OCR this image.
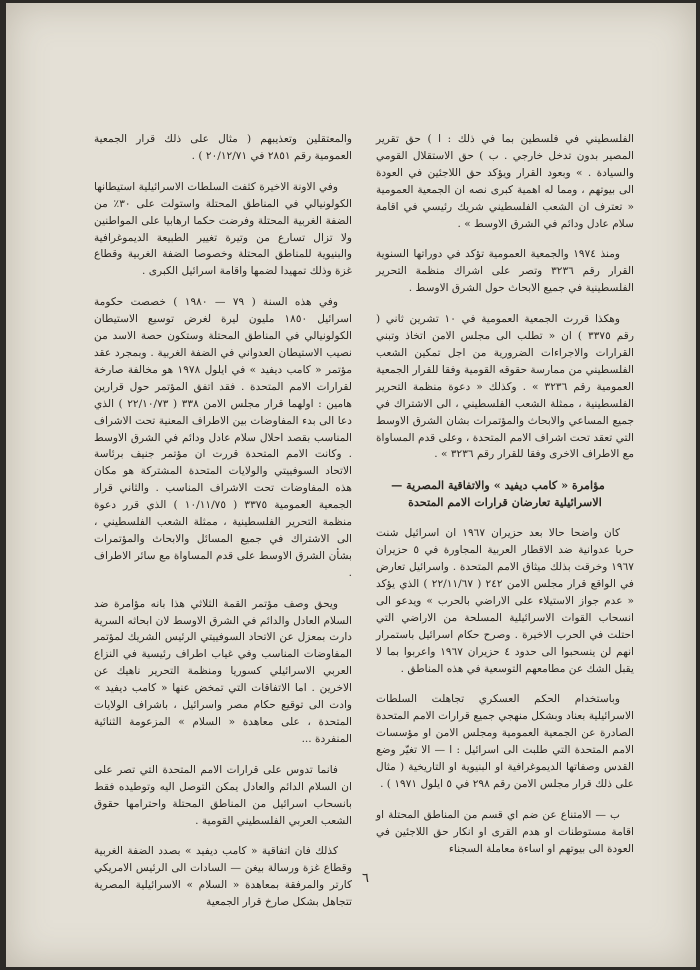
الفلسطيني في فلسطين بما في ذلك : ا ) حق تقرير المصير بدون تدخل خارجي . ب ) حق الاستقلال القومي والسيادة . » وبعود القرار ويؤكد حق اللاجئين في العودة الى بيوتهم ، ومما له اهمية كبرى نصه ان الجمعية العمومية « تعترف ان الشعب الفلسطيني شريك رئيسي في اقامة سلام عادل ودائم في الشرق الاوسط » .

ومنذ ١٩٧٤ والجمعية العمومية تؤكد في دوراتها السنوية القرار رقم ٣٢٣٦ وتصر على اشراك منظمة التحرير الفلسطينية في جميع الابحاث حول الشرق الاوسط .

وهكذا قررت الجمعية العمومية في ١٠ تشرين ثاني ( رقم ٣٣٧٥ ) ان « تطلب الى مجلس الامن اتخاذ وتبني القرارات والاجراءات الضرورية من اجل تمكين الشعب الفلسطيني من ممارسة حقوقه القومية وفقا للقرار الجمعية العمومية رقم ٣٢٣٦ » . وكذلك « دعوة منظمة التحرير الفلسطينية ، ممثلة الشعب الفلسطيني ، الى الاشتراك في جميع المساعي والابحاث والمؤتمرات بشان الشرق الاوسط التي تعقد تحت اشراف الامم المتحدة ، وعلى قدم المساواة مع الاطراف الاخرى وفقا للقرار رقم ٣٢٣٦ » .

مؤامرة « كامب ديفيد » والاتفاقية المصرية — الاسرائيلية تعارضان قرارات الامم المتحدة

كان واضحا حالا بعد حزيران ١٩٦٧ ان اسرائيل شنت حربا عدوانية ضد الاقطار العربية المجاورة في ٥ حزيران ١٩٦٧ وخرقت بذلك ميثاق الامم المتحدة . واسرائيل تعارض في الواقع قرار مجلس الامن ٢٤٢ ( ٢٢/١١/٦٧ ) الذي يؤكد « عدم جواز الاستيلاء على الاراضي بالحرب » ويدعو الى انسحاب القوات الاسرائيلية المسلحة من الاراضي التي احتلت في الحرب الاخيرة . وصرح حكام اسرائيل باستمرار انهم لن ينسحبوا الى حدود ٤ حزيران ١٩٦٧ واعربوا بما لا يقبل الشك عن مطامعهم التوسعية في هذه المناطق .

وباستخدام الحكم العسكري تجاهلت السلطات الاسرائيلية بعناد وبشكل منهجي جميع قرارات الامم المتحدة الصادرة عن الجمعية العمومية ومجلس الامن او مؤسسات الامم المتحدة التي طلبت الى اسرائيل : ا — الا تغيّر وضع القدس وصفاتها الديموغرافية او البنيوية او التاريخية ( مثال على ذلك قرار مجلس الامن رقم ٢٩٨ في ٥ ايلول ١٩٧١ ) .

ب — الامتناع عن ضم اي قسم من المناطق المحتلة او اقامة مستوطنات او هدم القرى او انكار حق اللاجئين في العودة الى بيوتهم او اساءة معاملة السجناء

والمعتقلين وتعذيبهم ( مثال على ذلك قرار الجمعية العمومية رقم ٢٨٥١ في ٢٠/١٢/٧١ ) .

وفي الاونة الاخيرة كثفت السلطات الاسرائيلية استيطانها الكولونيالي في المناطق المحتلة واستولت على ٣٠٪ من الضفة الغربية المحتلة وفرضت حكما ارهابيا على المواطنين ولا تزال تسارع من وتيرة تغيير الطبيعة الديموغرافية والبنيوية للمناطق المحتلة وخصوصا الضفة الغربية وقطاع غزة وذلك تمهيدا لضمها واقامة اسرائيل الكبرى .

وفي هذه السنة ( ٧٩ — ١٩٨٠ ) خصصت حكومة اسرائيل ١٨٥٠ مليون ليرة لغرض توسيع الاستيطان الكولونيالي في المناطق المحتلة وستكون حصة الاسد من نصيب الاستيطان العدواني في الضفة الغربية . وبمجرد عقد مؤتمر « كامب ديفيد » في ايلول ١٩٧٨ هو مخالفة صارخة لقرارات الامم المتحدة . فقد اتفق المؤتمر حول قرارين هامين : اولهما قرار مجلس الامن ٣٣٨ ( ٢٢/١٠/٧٣ ) الذي دعا الى بدء المفاوضات بين الاطراف المعنية تحت الاشراف المناسب بقصد احلال سلام عادل ودائم في الشرق الاوسط . وكانت الامم المتحدة قررت ان مؤتمر جنيف برئاسة الاتحاد السوفييتي والولايات المتحدة المشتركة هو مكان هذه المفاوضات تحت الاشراف المناسب . والثاني قرار الجمعية العمومية ٣٣٧٥ ( ١٠/١١/٧٥ ) الذي قرر دعوة منظمة التحرير الفلسطينية ، ممثلة الشعب الفلسطيني ، الى الاشتراك في جميع المسائل والابحاث والمؤتمرات بشأن الشرق الاوسط على قدم المساواة مع سائر الاطراف .

ويحق وصف مؤتمر القمة الثلاثي هذا بانه مؤامرة ضد السلام العادل والدائم في الشرق الاوسط لان ابحاثه السرية دارت بمعزل عن الاتحاد السوفييتي الرئيس الشريك لمؤتمر المفاوضات المناسب وفي غياب اطراف رئيسية في النزاع العربي الاسرائيلي كسوريا ومنظمة التحرير ناهيك عن الاخرين . اما الاتفاقات التي تمخض عنها « كامب ديفيد » وادت الى توقيع حكام مصر واسرائيل ، باشراف الولايات المتحدة ، على معاهدة « السلام » المزعومة الثنائية المنفردة ...

فانما تدوس على قرارات الامم المتحدة التي تصر على ان السلام الدائم والعادل يمكن التوصل اليه وتوطيده فقط بانسحاب اسرائيل من المناطق المحتلة واحترامها حقوق الشعب العربي الفلسطيني القومية .

كذلك فان اتفاقية « كامب ديفيد » بصدد الضفة الغربية وقطاع غزة ورسالة بيغن — السادات الى الرئيس الامريكي كارتر والمرفقة بمعاهدة « السلام » الاسرائيلية المصرية تتجاهل بشكل صارخ قرار الجمعية

٦
